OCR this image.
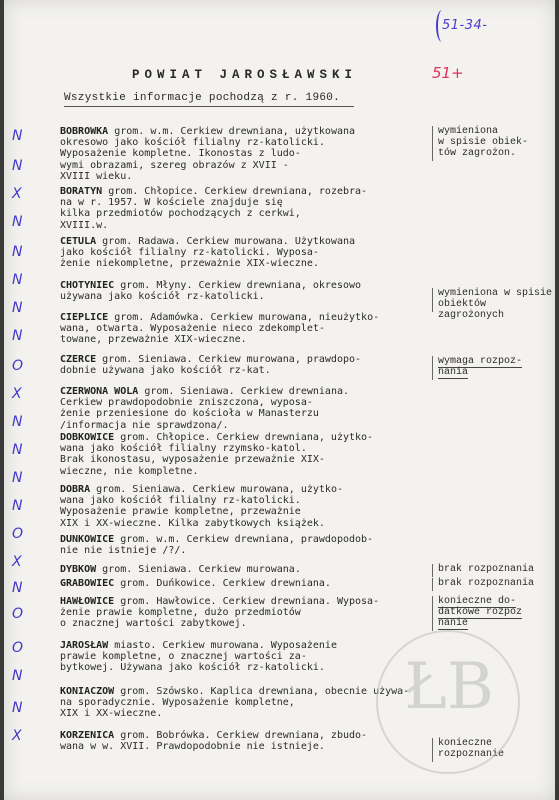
51-34-
51+
POWIAT JAROSŁAWSKI
Wszystkie informacje pochodzą z r. 1960.
N
N
X
N
N
N
N
N
O
X
N
N
N
N
O
X
N
O
O
N
N
X
BOBROWKA grom. w.m. Cerkiew drewniana, użytkowana
okresowo jako kościół filialny rz-katolicki.
Wyposażenie kompletne. Ikonostas z ludo-
wymi obrazami, szereg obrazów z XVII -
XVIII wieku.
wymieniona
w spisie obiek-
tów zagrożon.
BORATYN grom. Chłopice. Cerkiew drewniana, rozebra-
na w r. 1957. W kościele znajduje się
kilka przedmiotów pochodzących z cerkwi,
XVIII.w.
CETULA grom. Radawa. Cerkiew murowana. Użytkowana
jako kościół filialny rz-katolicki. Wyposa-
żenie niekompletne, przeważnie XIX-wieczne.
CHOTYNIEC grom. Młyny. Cerkiew drewniana, okresowo
używana jako kościół rz-katolicki.	wymieniona w spisie obiektów
zagrożonych
CIEPLICE grom. Adamówka. Cerkiew murowana, nieużytko-
wana, otwarta. Wyposażenie nieco zdekomplet-
towane, przeważnie XIX-wieczne.
CZERCE grom. Sieniawa. Cerkiew murowana, prawdopo-
dobnie używana jako kościół rz-kat.
wymaga rozpoz-
nania
CZERWONA WOLA grom. Sieniawa. Cerkiew drewniana.
Cerkiew prawdopodobnie zniszczona, wyposa-
żenie przeniesione do kościoła w Manasterzu
/informacja nie sprawdzona/.
DOBKOWICE grom. Chłopice. Cerkiew drewniana, użytko-
wana jako kościół filialny rzymsko-katol.
Brak ikonostasu, wyposażenie przeważnie XIX-
wieczne, nie kompletne.
DOBRA grom. Sieniawa. Cerkiew murowana, użytko-
wana jako kościół filialny rz-katolicki.
Wyposażenie prawie kompletne, przeważnie
XIX i XX-wieczne. Kilka zabytkowych książek.
DUNKOWICE grom. w.m. Cerkiew drewniana, prawdopodob-
nie nie istnieje /?/.
DYBKOW grom. Sieniawa. Cerkiew murowana.	brak rozpoznania
GRABOWIEC grom. Duńkowice. Cerkiew drewniana.	brak rozpoznania
HAWŁOWICE grom. Hawłowice. Cerkiew drewniana. Wyposa-
żenie prawie kompletne, dużo przedmiotów
o znacznej wartości zabytkowej.
konieczne do-
datkowe rozpoz
nanie
JAROSŁAW miasto. Cerkiew murowana. Wyposażenie
prawie kompletne, o znacznej wartości za-
bytkowej. Używana jako kościół rz-katolicki.
KONIACZOW grom. Szówsko. Kaplica drewniana, obecnie używa-
na sporadycznie. Wyposażenie kompletne,
XIX i XX-wieczne.
KORZENICA grom. Bobrówka. Cerkiew drewniana, zbudo-
wana w w. XVII. Prawdopodobnie nie istnieje.	konieczne
rozpoznanie
ŁB
